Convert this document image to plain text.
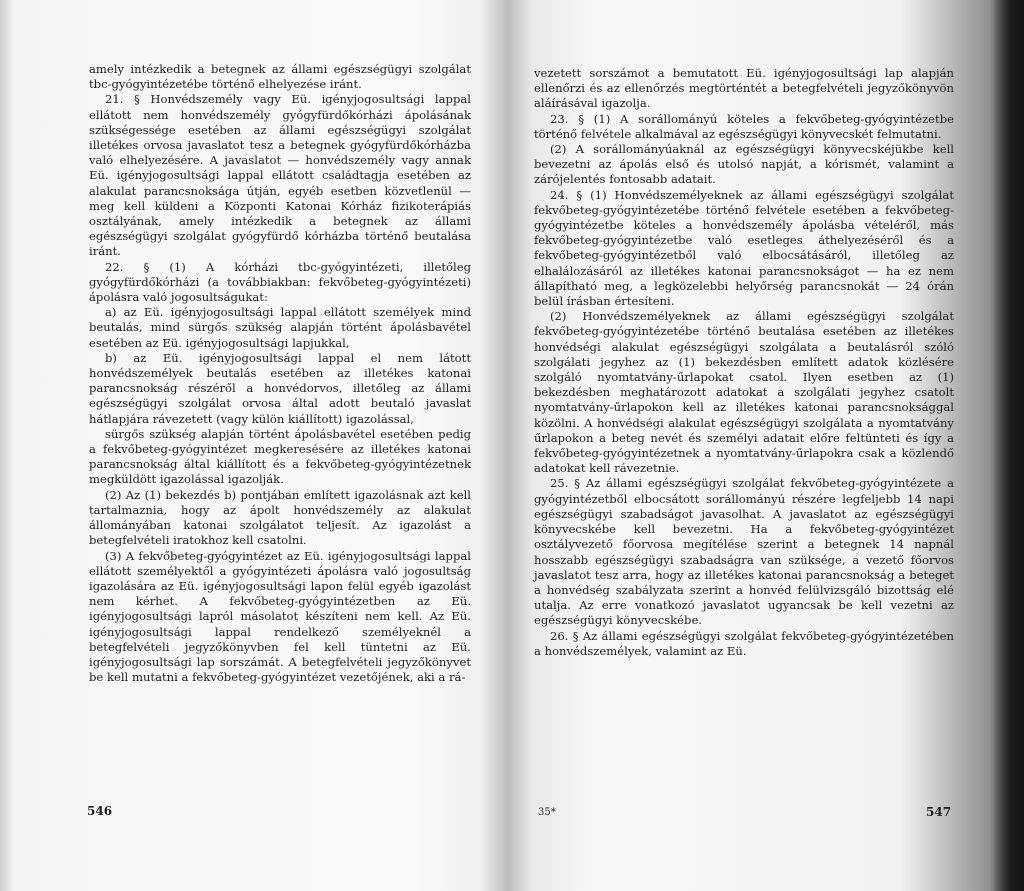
amely intézkedik a betegnek az állami egészségügyi szolgálat tbc-gyógyintézetébe történő elhelyezése iránt.

21. § Honvédszemély vagy Eü. igényjogosultsági lappal ellátott nem honvédszemély gyógyfürdőkórházi ápolásának szükségessége esetében az állami egészségügyi szolgálat illetékes orvosa javaslatot tesz a betegnek gyógyfürdőkórházba való elhelyezésére. A javaslatot — honvédszemély vagy annak Eü. igényjogosultsági lappal ellátott családtagja esetében az alakulat parancsnoksága útján, egyéb esetben közvetlenül — meg kell küldeni a Központi Katonai Kórház fizikoterápiás osztályának, amely intézkedik a betegnek az állami egészségügyi szolgálat gyógyfürdő kórházba történő beutalása iránt.

22. § (1) A kórházi tbc-gyógyintézeti, illetőleg gyógyfürdőkórházi (a továbbiakban: fekvőbeteg-gyógyintézeti) ápolásra való jogosultságukat:

a) az Eü. igényjogosultsági lappal ellátott személyek mind beutalás, mind sürgős szükség alapján történt ápolásbavétel esetében az Eü. igényjogosultsági lapjukkal,

b) az Eü. igényjogosultsági lappal el nem látott honvédszemélyek beutalás esetében az illetékes katonai parancsnokság részéről a honvédorvos, illetőleg az állami egészségügyi szolgálat orvosa által adott beutaló javaslat hátlapjára rávezetett (vagy külön kiállított) igazolással,

sürgős szükség alapján történt ápolásbavétel esetében pedig a fekvőbeteg-gyógyintézet megkeresésére az illetékes katonai parancsnokság által kiállított és a fekvőbeteg-gyógyintézetnek megküldött igazolással igazolják.

(2) Az (1) bekezdés b) pontjában említett igazolásnak azt kell tartalmaznia, hogy az ápolt honvédszemély az alakulat állományában katonai szolgálatot teljesít. Az igazolást a betegfelvételi iratokhoz kell csatolni.

(3) A fekvőbeteg-gyógyintézet az Eü. igényjogosultsági lappal ellátott személyektől a gyógyintézeti ápolásra való jogosultság igazolására az Eü. igényjogosultsági lapon felül egyéb igazolást nem kérhet. A fekvőbeteg-gyógyintézetben az Eü. igényjogosultsági lapról másolatot készíteni nem kell. Az Eü. igényjogosultsági lappal rendelkező személyeknél a betegfelvételi jegyzőkönyvben fel kell tüntetni az Eü. igényjogosultsági lap sorszámát. A betegfelvételi jegyzőkönyvet be kell mutatni a fekvőbeteg-gyógyintézet vezetőjének, aki a rá-

vezetett sorszámot a bemutatott Eü. igényjogosultsági lap alapján ellenőrzi és az ellenőrzés megtörténtét a betegfelvételi jegyzőkönyvön aláírásával igazolja.

23. § (1) A sorállományú köteles a fekvőbeteg-gyógyintézetbe történő felvétele alkalmával az egészségügyi könyvecskét felmutatni.

(2) A sorállományúaknál az egészségügyi könyvecskéjükbe kell bevezetni az ápolás első és utolsó napját, a kórismét, valamint a zárójelentés fontosabb adatait.

24. § (1) Honvédszemélyeknek az állami egészségügyi szolgálat fekvőbeteg-gyógyintézetébe történő felvétele esetében a fekvőbeteg-gyógyintézetbe köteles a honvédszemély ápolásba vételéről, más fekvőbeteg-gyógyintézetbe való esetleges áthelyezéséről és a fekvőbeteg-gyógyintézetből való elbocsátásáról, illetőleg az elhalálozásáról az illetékes katonai parancsnokságot — ha ez nem állapítható meg, a legközelebbi helyőrség parancsnokát — 24 órán belül írásban értesíteni.

(2) Honvédszemélyeknek az állami egészségügyi szolgálat fekvőbeteg-gyógyintézetébe történő beutalása esetében az illetékes honvédségi alakulat egészségügyi szolgálata a beutalásról szóló szolgálati jegyhez az (1) bekezdésben említett adatok közlésére szolgáló nyomtatvány-űrlapokat csatol. Ilyen esetben az (1) bekezdésben meghatározott adatokat a szolgálati jegyhez csatolt nyomtatvány-űrlapokon kell az illetékes katonai parancsnoksággal közölni. A honvédségi alakulat egészségügyi szolgálata a nyomtatvány űrlapokon a beteg nevét és személyi adatait előre feltünteti és így a fekvőbeteg-gyógyintézetnek a nyomtatvány-űrlapokra csak a közlendő adatokat kell rávezetnie.

25. § Az állami egészségügyi szolgálat fekvőbeteg-gyógyintézete a gyógyintézetből elbocsátott sorállományú részére legfeljebb 14 napi egészségügyi szabadságot javasolhat. A javaslatot az egészségügyi könyvecskébe kell bevezetni. Ha a fekvőbeteg-gyógyintézet osztályvezető főorvosa megítélése szerint a betegnek 14 napnál hosszabb egészségügyi szabadságra van szüksége, a vezető főorvos javaslatot tesz arra, hogy az illetékes katonai parancsnokság a beteget a honvédség szabályzata szerint a honvéd felülvizsgáló bizottság elé utalja. Az erre vonatkozó javaslatot ugyancsak be kell vezetni az egészségügyi könyvecskébe.

26. § Az állami egészségügyi szolgálat fekvőbeteg-gyógyintézetében a honvédszemélyek, valamint az Eü.

546	35*	547
